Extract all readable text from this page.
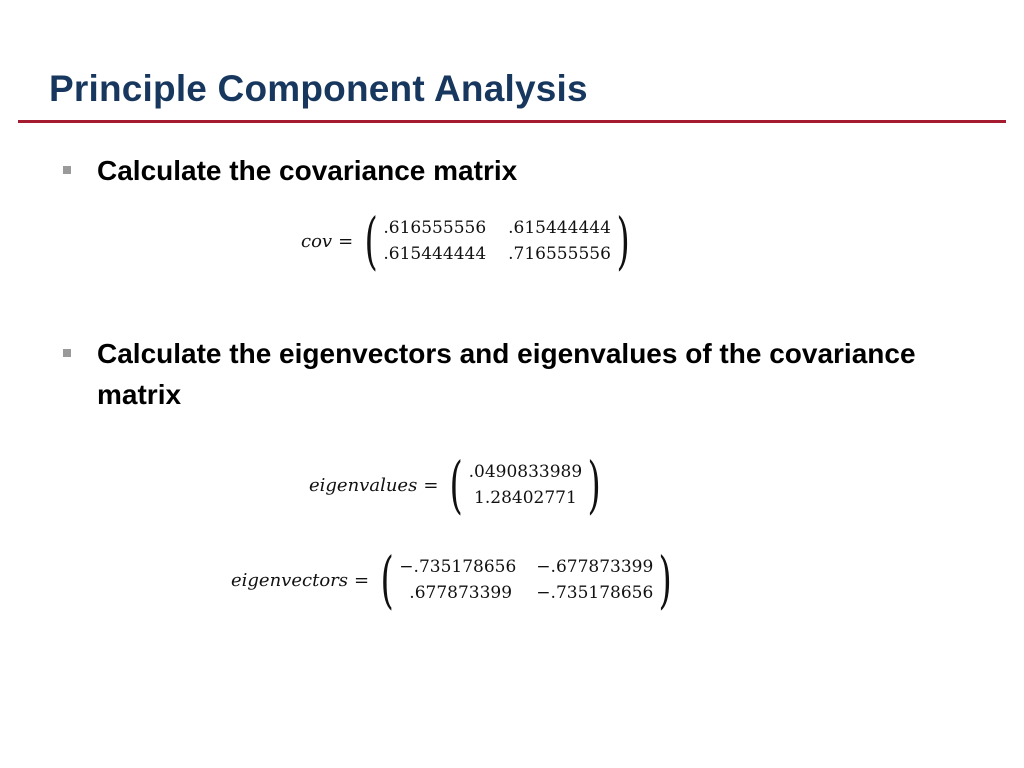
Principle Component Analysis
Calculate the covariance matrix
cov = ( .616555556 .615444444
.615444444 .716555556 )
Calculate the eigenvectors and eigenvalues of the covariance matrix
eigenvalues = ( .0490833989
1.28402771 )
eigenvectors = ( −.735178656 −.677873399
.677873399 −.735178656 )
